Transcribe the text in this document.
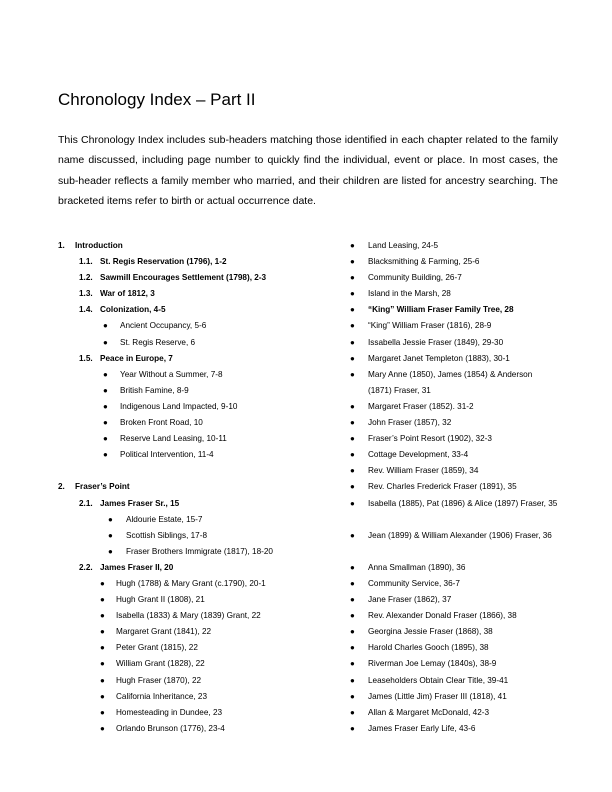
Chronology Index – Part II

This Chronology Index includes sub-headers matching those identified in each chapter related to the family name discussed, including page number to quickly find the individual, event or place. In most cases, the sub-header reflects a family member who married, and their children are listed for ancestry searching. The bracketed items refer to birth or actual occurrence date.

1. Introduction
1.1. St. Regis Reservation (1796), 1-2
1.2. Sawmill Encourages Settlement (1798), 2-3
1.3. War of 1812, 3
1.4. Colonization, 4-5
● Ancient Occupancy, 5-6
● St. Regis Reserve, 6
1.5. Peace in Europe, 7
● Year Without a Summer, 7-8
● British Famine, 8-9
● Indigenous Land Impacted, 9-10
● Broken Front Road, 10
● Reserve Land Leasing, 10-11
● Political Intervention, 11-4
2. Fraser’s Point
2.1. James Fraser Sr., 15
● Aldourie Estate, 15-7
● Scottish Siblings, 17-8
● Fraser Brothers Immigrate (1817), 18-20
2.2. James Fraser II, 20
● Hugh (1788) & Mary Grant (c.1790), 20-1
● Hugh Grant II (1808), 21
● Isabella (1833) & Mary (1839) Grant, 22
● Margaret Grant (1841), 22
● Peter Grant (1815), 22
● William Grant (1828), 22
● Hugh Fraser (1870), 22
● California Inheritance, 23
● Homesteading in Dundee, 23
● Orlando Brunson (1776), 23-4
● Land Leasing, 24-5
● Blacksmithing & Farming, 25-6
● Community Building, 26-7
● Island in the Marsh, 28
● “King” William Fraser Family Tree, 28
● “King” William Fraser (1816), 28-9
● Issabella Jessie Fraser (1849), 29-30
● Margaret Janet Templeton (1883), 30-1
● Mary Anne (1850), James (1854) & Anderson (1871) Fraser, 31
● Margaret Fraser (1852). 31-2
● John Fraser (1857), 32
● Fraser’s Point Resort (1902), 32-3
● Cottage Development, 33-4
● Rev. William Fraser (1859), 34
● Rev. Charles Frederick Fraser (1891), 35
● Isabella (1885), Pat (1896) & Alice (1897) Fraser, 35
● Jean (1899) & William Alexander (1906) Fraser, 36
● Anna Smallman (1890), 36
● Community Service, 36-7
● Jane Fraser (1862), 37
● Rev. Alexander Donald Fraser (1866), 38
● Georgina Jessie Fraser (1868), 38
● Harold Charles Gooch (1895), 38
● Riverman Joe Lemay (1840s), 38-9
● Leaseholders Obtain Clear Title, 39-41
● James (Little Jim) Fraser III (1818), 41
● Allan & Margaret McDonald, 42-3
● James Fraser Early Life, 43-6
